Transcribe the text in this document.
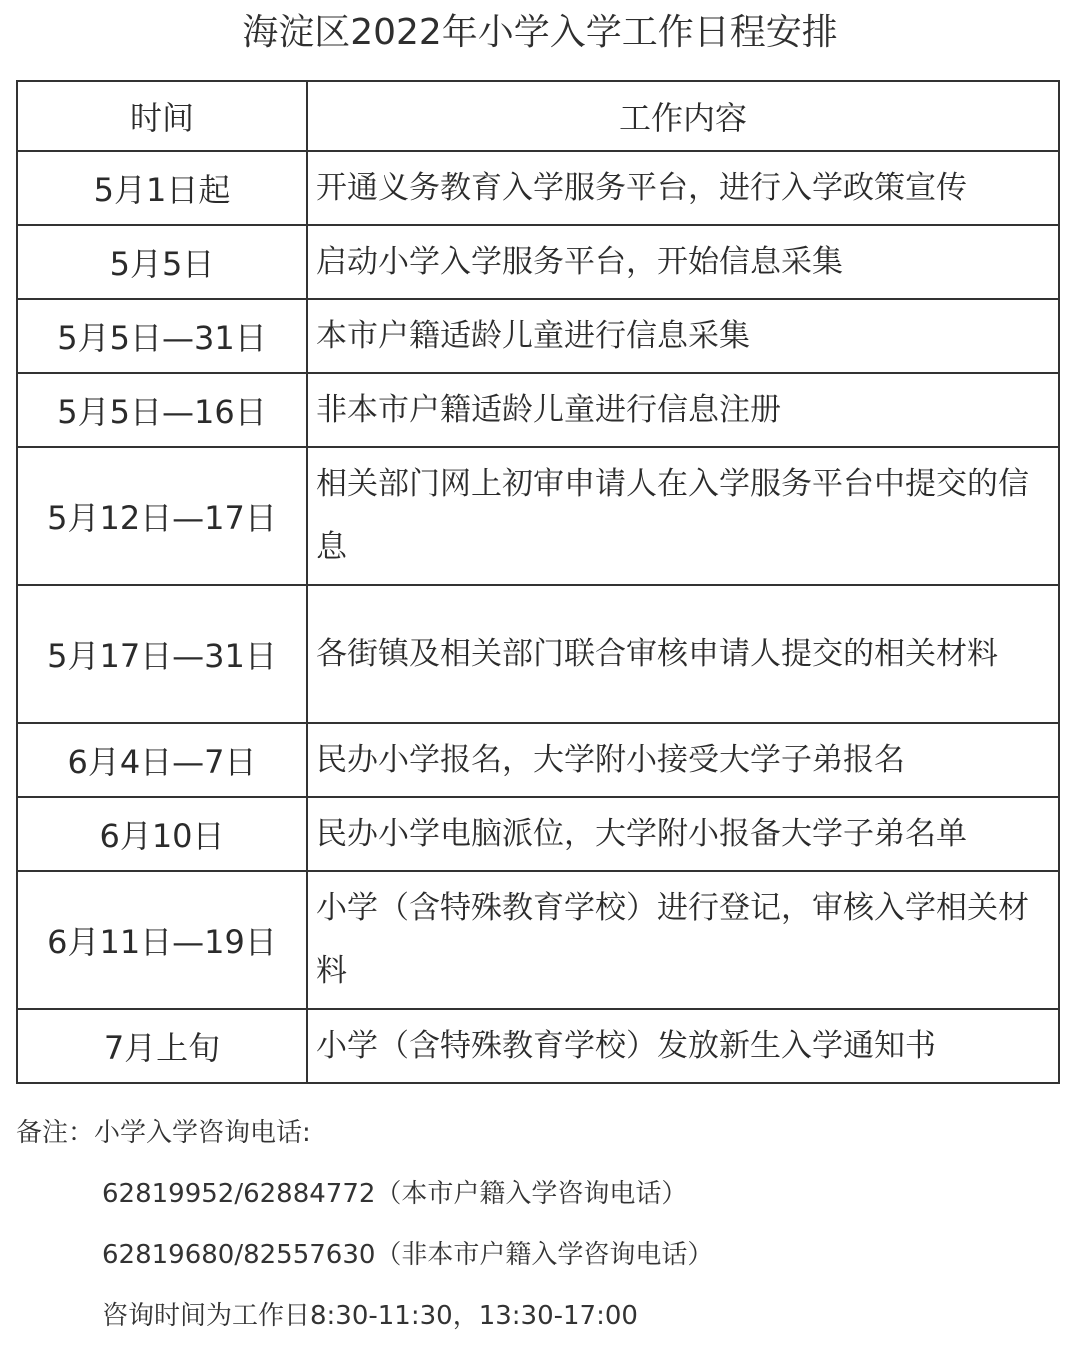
海淀区2022年小学入学工作日程安排
时间	工作内容
5月1日起	开通义务教育入学服务平台，进行入学政策宣传
5月5日	启动小学入学服务平台，开始信息采集
5月5日—31日	本市户籍适龄儿童进行信息采集
5月5日—16日	非本市户籍适龄儿童进行信息注册
5月12日—17日	相关部门网上初审申请人在入学服务平台中提交的信息
5月17日—31日	各街镇及相关部门联合审核申请人提交的相关材料
6月4日—7日	民办小学报名，大学附小接受大学子弟报名
6月10日	民办小学电脑派位，大学附小报备大学子弟名单
6月11日—19日	小学（含特殊教育学校）进行登记，审核入学相关材料
7月上旬	小学（含特殊教育学校）发放新生入学通知书
备注：小学入学咨询电话:
62819952/62884772（本市户籍入学咨询电话）
62819680/82557630（非本市户籍入学咨询电话）
咨询时间为工作日8:30-11:30，13:30-17:00
